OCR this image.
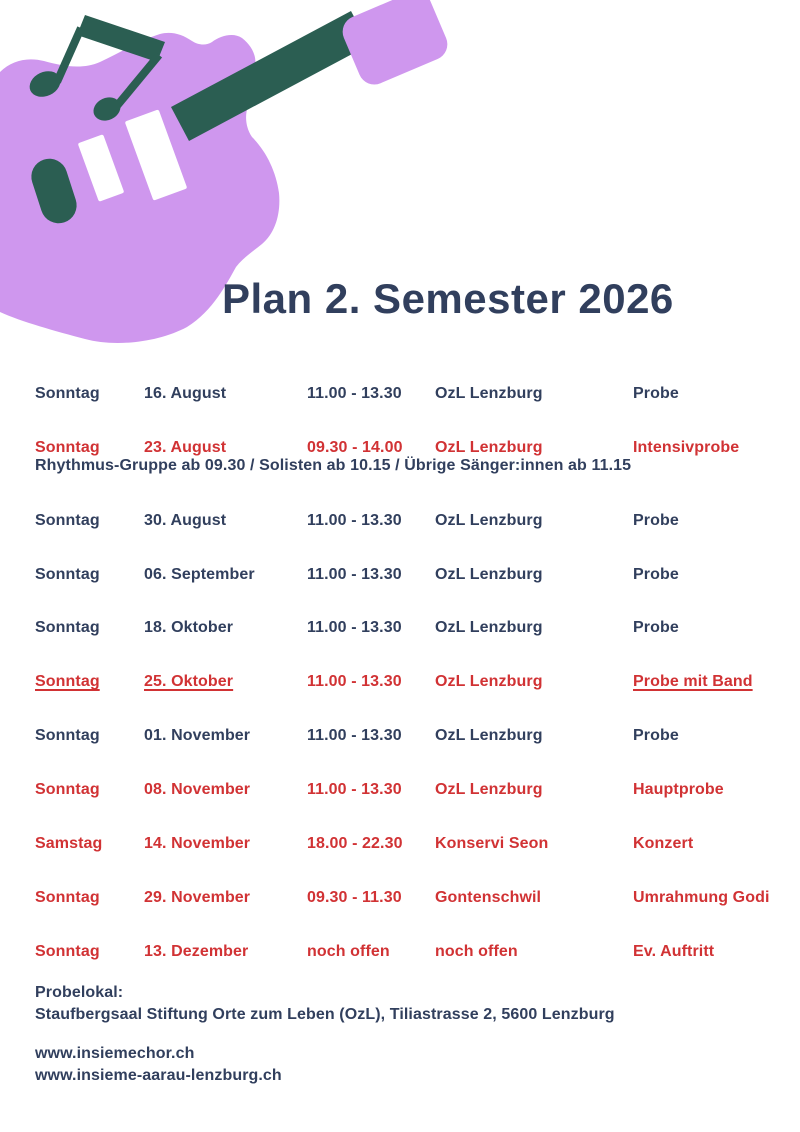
Plan 2. Semester 2026
Sonntag	16. August	11.00 - 13.30 OzL Lenzburg	Probe
Sonntag	23. August	09.30 - 14.00 OzL Lenzburg	Intensivprobe
Rhythmus-Gruppe ab 09.30 / Solisten ab 10.15 / Übrige Sänger:innen ab 11.15
Sonntag	30. August	11.00 - 13.30 OzL Lenzburg	Probe
Sonntag	06. September	11.00 - 13.30 OzL Lenzburg	Probe
Sonntag	18. Oktober	11.00 - 13.30 OzL Lenzburg	Probe
Sonntag	25. Oktober	11.00 - 13.30 OzL Lenzburg	Probe mit Band
Sonntag	01. November	11.00 - 13.30 OzL Lenzburg	Probe
Sonntag	08. November	11.00 - 13.30 OzL Lenzburg	Hauptprobe
Samstag	14. November	18.00 - 22.30 Konservi Seon	Konzert
Sonntag	29. November	09.30 - 11.30 Gontenschwil	Umrahmung Godi
Sonntag	13. Dezember	noch offen	noch offen	Ev. Auftritt
Probelokal:
Staufbergsaal Stiftung Orte zum Leben (OzL), Tiliastrasse 2, 5600 Lenzburg
www.insiemechor.ch
www.insieme-aarau-lenzburg.ch
